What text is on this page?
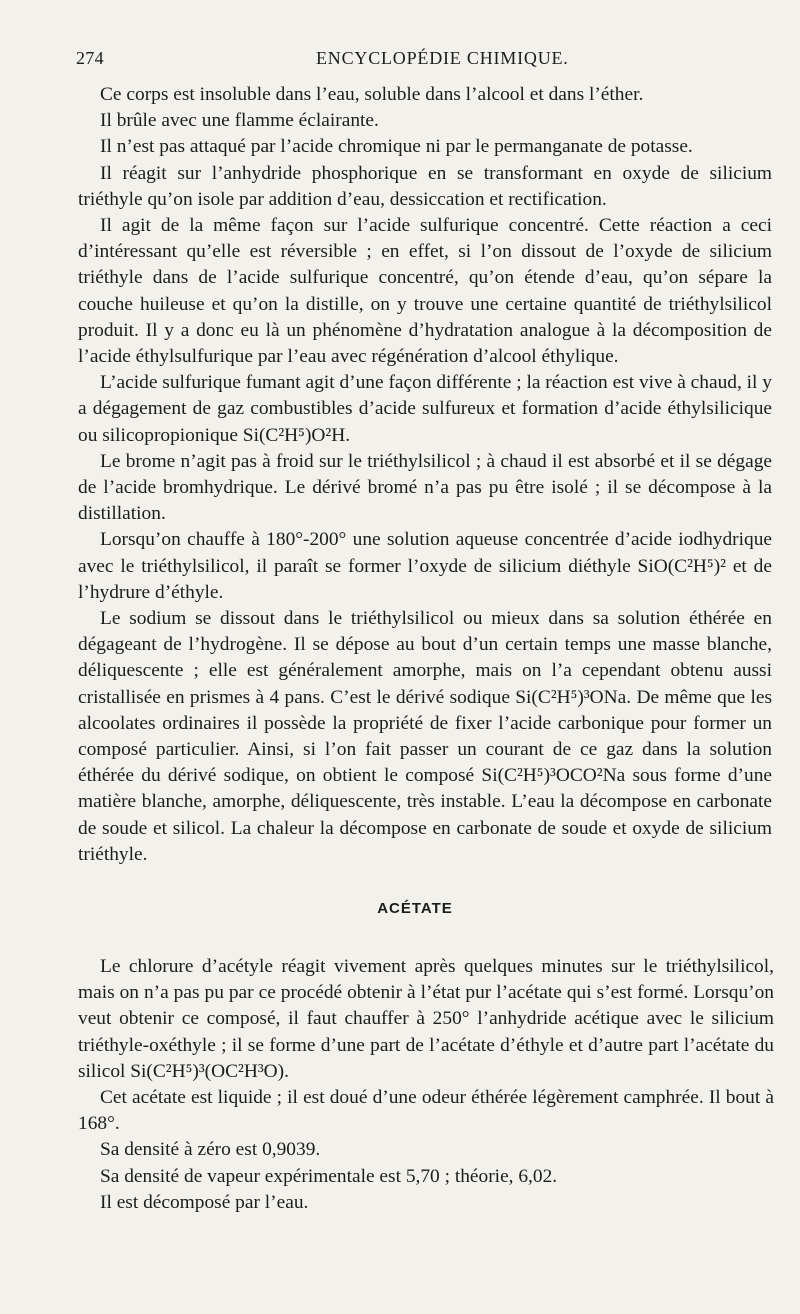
274	ENCYCLOPÉDIE CHIMIQUE.

Ce corps est insoluble dans l’eau, soluble dans l’alcool et dans l’éther.

Il brûle avec une flamme éclairante.

Il n’est pas attaqué par l’acide chromique ni par le permanganate de potasse.

Il réagit sur l’anhydride phosphorique en se transformant en oxyde de silicium triéthyle qu’on isole par addition d’eau, dessiccation et rectification.

Il agit de la même façon sur l’acide sulfurique concentré. Cette réaction a ceci d’intéressant qu’elle est réversible ; en effet, si l’on dissout de l’oxyde de silicium triéthyle dans de l’acide sulfurique concentré, qu’on étende d’eau, qu’on sépare la couche huileuse et qu’on la distille, on y trouve une certaine quantité de triéthylsilicol produit. Il y a donc eu là un phénomène d’hydratation analogue à la décomposition de l’acide éthylsulfurique par l’eau avec régénération d’alcool éthylique.

L’acide sulfurique fumant agit d’une façon différente ; la réaction est vive à chaud, il y a dégagement de gaz combustibles d’acide sulfureux et formation d’acide éthylsilicique ou silicopropionique Si(C²H⁵)O²H.

Le brome n’agit pas à froid sur le triéthylsilicol ; à chaud il est absorbé et il se dégage de l’acide bromhydrique. Le dérivé bromé n’a pas pu être isolé ; il se décompose à la distillation.

Lorsqu’on chauffe à 180°-200° une solution aqueuse concentrée d’acide iodhydrique avec le triéthylsilicol, il paraît se former l’oxyde de silicium diéthyle SiO(C²H⁵)² et de l’hydrure d’éthyle.

Le sodium se dissout dans le triéthylsilicol ou mieux dans sa solution éthérée en dégageant de l’hydrogène. Il se dépose au bout d’un certain temps une masse blanche, déliquescente ; elle est généralement amorphe, mais on l’a cependant obtenu aussi cristallisée en prismes à 4 pans. C’est le dérivé sodique Si(C²H⁵)³ONa. De même que les alcoolates ordinaires il possède la propriété de fixer l’acide carbonique pour former un composé particulier. Ainsi, si l’on fait passer un courant de ce gaz dans la solution éthérée du dérivé sodique, on obtient le composé Si(C²H⁵)³OCO²Na sous forme d’une matière blanche, amorphe, déliquescente, très instable. L’eau la décompose en carbonate de soude et silicol. La chaleur la décompose en carbonate de soude et oxyde de silicium triéthyle.

ACÉTATE

Le chlorure d’acétyle réagit vivement après quelques minutes sur le triéthylsilicol, mais on n’a pas pu par ce procédé obtenir à l’état pur l’acétate qui s’est formé. Lorsqu’on veut obtenir ce composé, il faut chauffer à 250° l’anhydride acétique avec le silicium triéthyle-oxéthyle ; il se forme d’une part de l’acétate d’éthyle et d’autre part l’acétate du silicol Si(C²H⁵)³(OC²H³O).

Cet acétate est liquide ; il est doué d’une odeur éthérée légèrement camphrée. Il bout à 168°.

Sa densité à zéro est 0,9039.

Sa densité de vapeur expérimentale est 5,70 ; théorie, 6,02.

Il est décomposé par l’eau.
